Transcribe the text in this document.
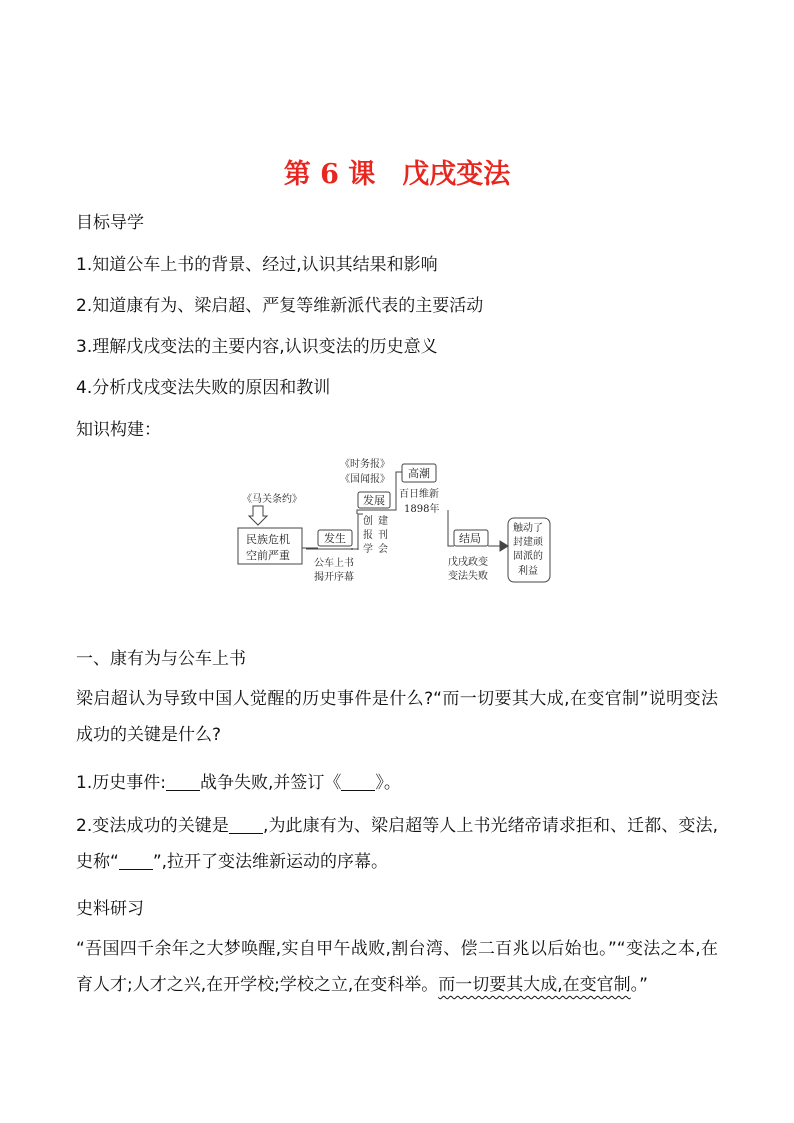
第 6 课　戊戌变法
目标导学
1.知道公车上书的背景、经过,认识其结果和影响
2.知道康有为、梁启超、严复等维新派代表的主要活动
3.理解戊戌变法的主要内容,认识变法的历史意义
4.分析戊戌变法失败的原因和教训
知识构建：
《马关条约》
民族危机
空前严重
发生
公车上书
揭开序幕
《时务报》
《国闻报》
发展
创 建
报 刊
学 会
高潮
百日维新
1898年
结局
戊戌政变
变法失败
触动了
封建顽
固派的
利益
一、康有为与公车上书
梁启超认为导致中国人觉醒的历史事件是什么?“而一切要其大成,在变官制”说明变法成功的关键是什么?
1.历史事件: 战争失败,并签订《 》。
2.变法成功的关键是 ,为此康有为、梁启超等人上书光绪帝请求拒和、迁都、变法,史称“ ”,拉开了变法维新运动的序幕。
史料研习
“吾国四千余年之大梦唤醒,实自甲午战败,割台湾、偿二百兆以后始也。”“变法之本,在育人才;人才之兴,在开学校;学校之立,在变科举。而一切要其大成,在变官制。”
